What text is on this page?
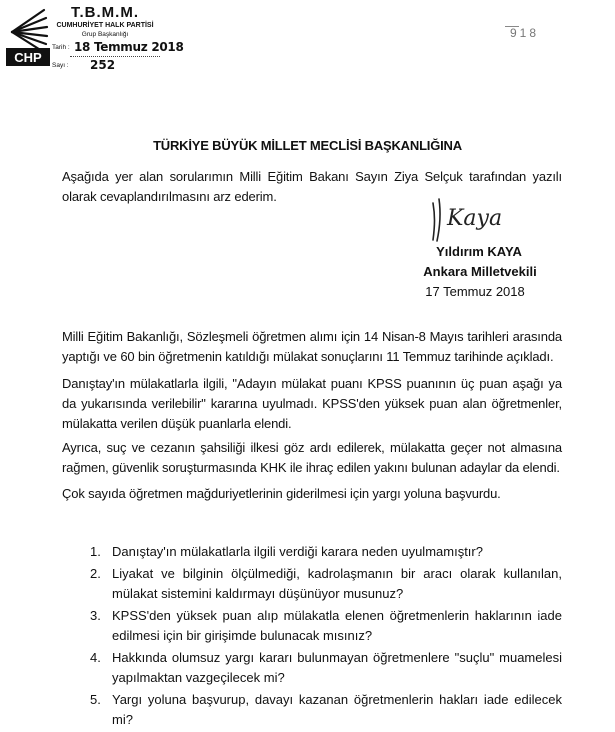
CHP
T.B.M.M.
CUMHURİYET HALK PARTİSİ
Grup Başkanlığı
Tarih : 18 Temmuz 2018
Sayı : 252
918
TÜRKİYE BÜYÜK MİLLET MECLİSİ BAŞKANLIĞINA
Aşağıda yer alan sorularımın Milli Eğitim Bakanı Sayın Ziya Selçuk tarafından yazılı olarak cevaplandırılmasını arz ederim.
Kaya
Yıldırım KAYA
Ankara Milletvekili
17 Temmuz 2018
Milli Eğitim Bakanlığı, Sözleşmeli öğretmen alımı için 14 Nisan-8 Mayıs tarihleri arasında yaptığı ve 60 bin öğretmenin katıldığı mülakat sonuçlarını 11 Temmuz tarihinde açıkladı.
Danıştay'ın mülakatlarla ilgili, "Adayın mülakat puanı KPSS puanının üç puan aşağı ya da yukarısında verilebilir" kararına uyulmadı. KPSS'den yüksek puan alan öğretmenler, mülakatta verilen düşük puanlarla elendi.
Ayrıca, suç ve cezanın şahsiliği ilkesi göz ardı edilerek, mülakatta geçer not almasına rağmen, güvenlik soruşturmasında KHK ile ihraç edilen yakını bulunan adaylar da elendi.
Çok sayıda öğretmen mağduriyetlerinin giderilmesi için yargı yoluna başvurdu.
1. Danıştay'ın mülakatlarla ilgili verdiği karara neden uyulmamıştır?
2. Liyakat ve bilginin ölçülmediği, kadrolaşmanın bir aracı olarak kullanılan, mülakat sistemini kaldırmayı düşünüyor musunuz?
3. KPSS'den yüksek puan alıp mülakatla elenen öğretmenlerin haklarının iade edilmesi için bir girişimde bulunacak mısınız?
4. Hakkında olumsuz yargı kararı bulunmayan öğretmenlere "suçlu" muamelesi yapılmaktan vazgeçilecek mi?
5. Yargı yoluna başvurup, davayı kazanan öğretmenlerin hakları iade edilecek mi?
